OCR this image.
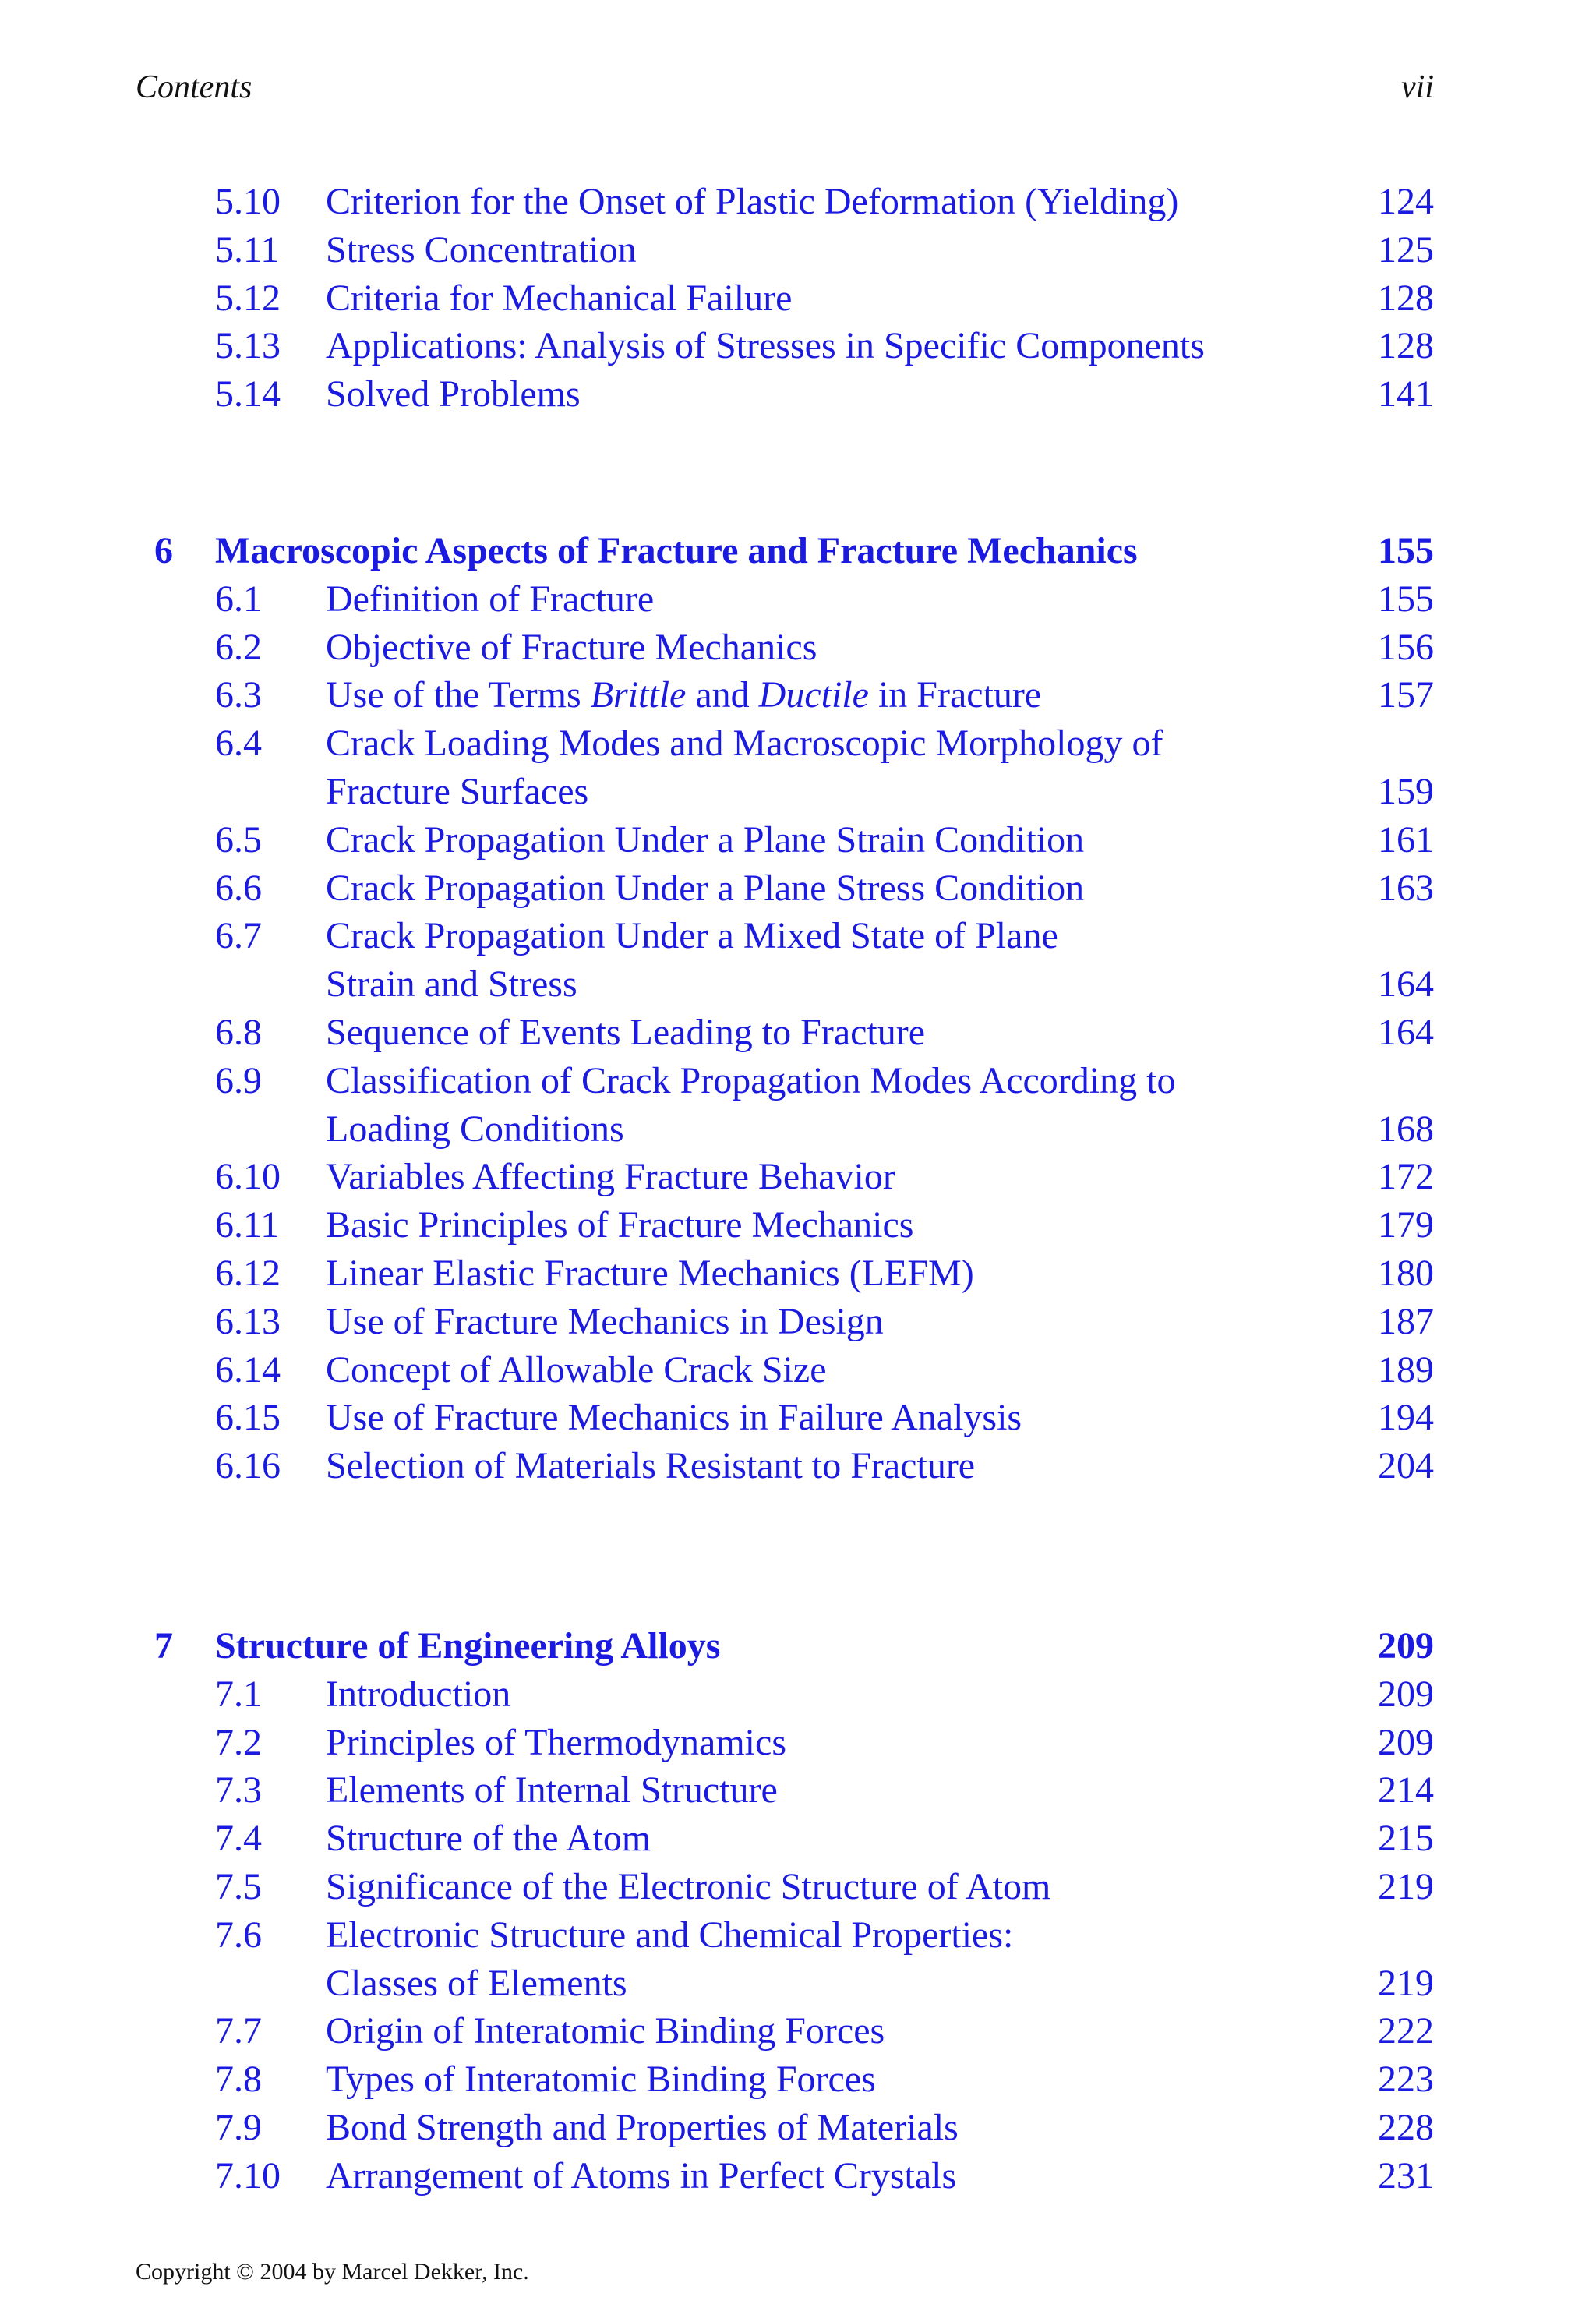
Contents	vii
5.10 Criterion for the Onset of Plastic Deformation (Yielding)	124
5.11 Stress Concentration	125
5.12 Criteria for Mechanical Failure	128
5.13 Applications: Analysis of Stresses in Specific Components	128
5.14 Solved Problems	141
6 Macroscopic Aspects of Fracture and Fracture Mechanics	155
6.1 Definition of Fracture	155
6.2 Objective of Fracture Mechanics	156
6.3 Use of the Terms Brittle and Ductile in Fracture	157
6.4 Crack Loading Modes and Macroscopic Morphology of
Fracture Surfaces	159
6.5 Crack Propagation Under a Plane Strain Condition	161
6.6 Crack Propagation Under a Plane Stress Condition	163
6.7 Crack Propagation Under a Mixed State of Plane
Strain and Stress	164
6.8 Sequence of Events Leading to Fracture	164
6.9 Classification of Crack Propagation Modes According to
Loading Conditions	168
6.10 Variables Affecting Fracture Behavior	172
6.11 Basic Principles of Fracture Mechanics	179
6.12 Linear Elastic Fracture Mechanics (LEFM)	180
6.13 Use of Fracture Mechanics in Design	187
6.14 Concept of Allowable Crack Size	189
6.15 Use of Fracture Mechanics in Failure Analysis	194
6.16 Selection of Materials Resistant to Fracture	204
7 Structure of Engineering Alloys	209
7.1 Introduction	209
7.2 Principles of Thermodynamics	209
7.3 Elements of Internal Structure	214
7.4 Structure of the Atom	215
7.5 Significance of the Electronic Structure of Atom	219
7.6 Electronic Structure and Chemical Properties:
Classes of Elements	219
7.7 Origin of Interatomic Binding Forces	222
7.8 Types of Interatomic Binding Forces	223
7.9 Bond Strength and Properties of Materials	228
7.10 Arrangement of Atoms in Perfect Crystals	231
Copyright © 2004 by Marcel Dekker, Inc.
